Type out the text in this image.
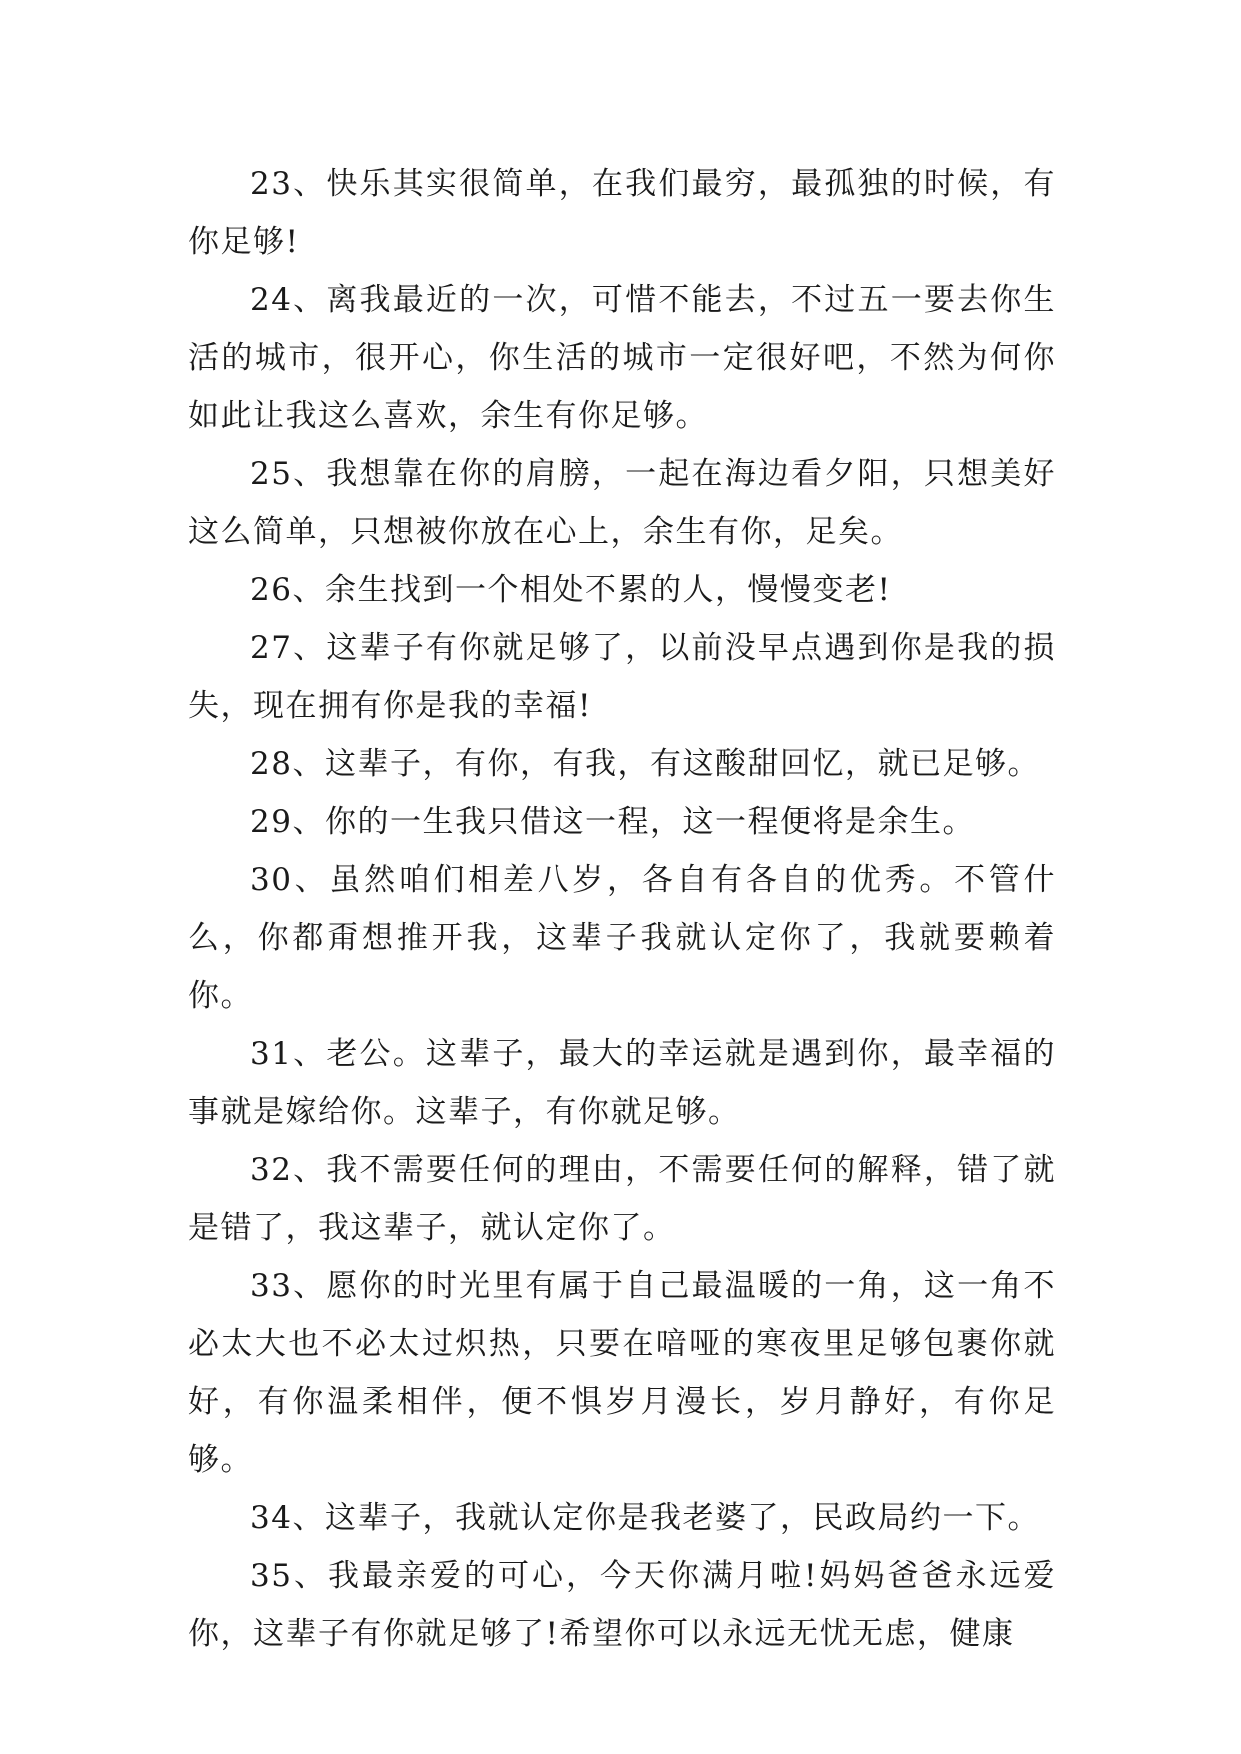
23、快乐其实很简单，在我们最穷，最孤独的时候，有你足够!

24、离我最近的一次，可惜不能去，不过五一要去你生活的城市，很开心，你生活的城市一定很好吧，不然为何你如此让我这么喜欢，余生有你足够。

25、我想靠在你的肩膀，一起在海边看夕阳，只想美好这么简单，只想被你放在心上，余生有你，足矣。

26、余生找到一个相处不累的人，慢慢变老!

27、这辈子有你就足够了，以前没早点遇到你是我的损失，现在拥有你是我的幸福!

28、这辈子，有你，有我，有这酸甜回忆，就已足够。

29、你的一生我只借这一程，这一程便将是余生。

30、虽然咱们相差八岁，各自有各自的优秀。不管什么，你都甭想推开我，这辈子我就认定你了，我就要赖着你。

31、老公。这辈子，最大的幸运就是遇到你，最幸福的事就是嫁给你。这辈子，有你就足够。

32、我不需要任何的理由，不需要任何的解释，错了就是错了，我这辈子，就认定你了。

33、愿你的时光里有属于自己最温暖的一角，这一角不必太大也不必太过炽热，只要在喑哑的寒夜里足够包裹你就好，有你温柔相伴，便不惧岁月漫长，岁月静好，有你足够。

34、这辈子，我就认定你是我老婆了，民政局约一下。

35、我最亲爱的可心，今天你满月啦!妈妈爸爸永远爱你，这辈子有你就足够了!希望你可以永远无忧无虑，健康
